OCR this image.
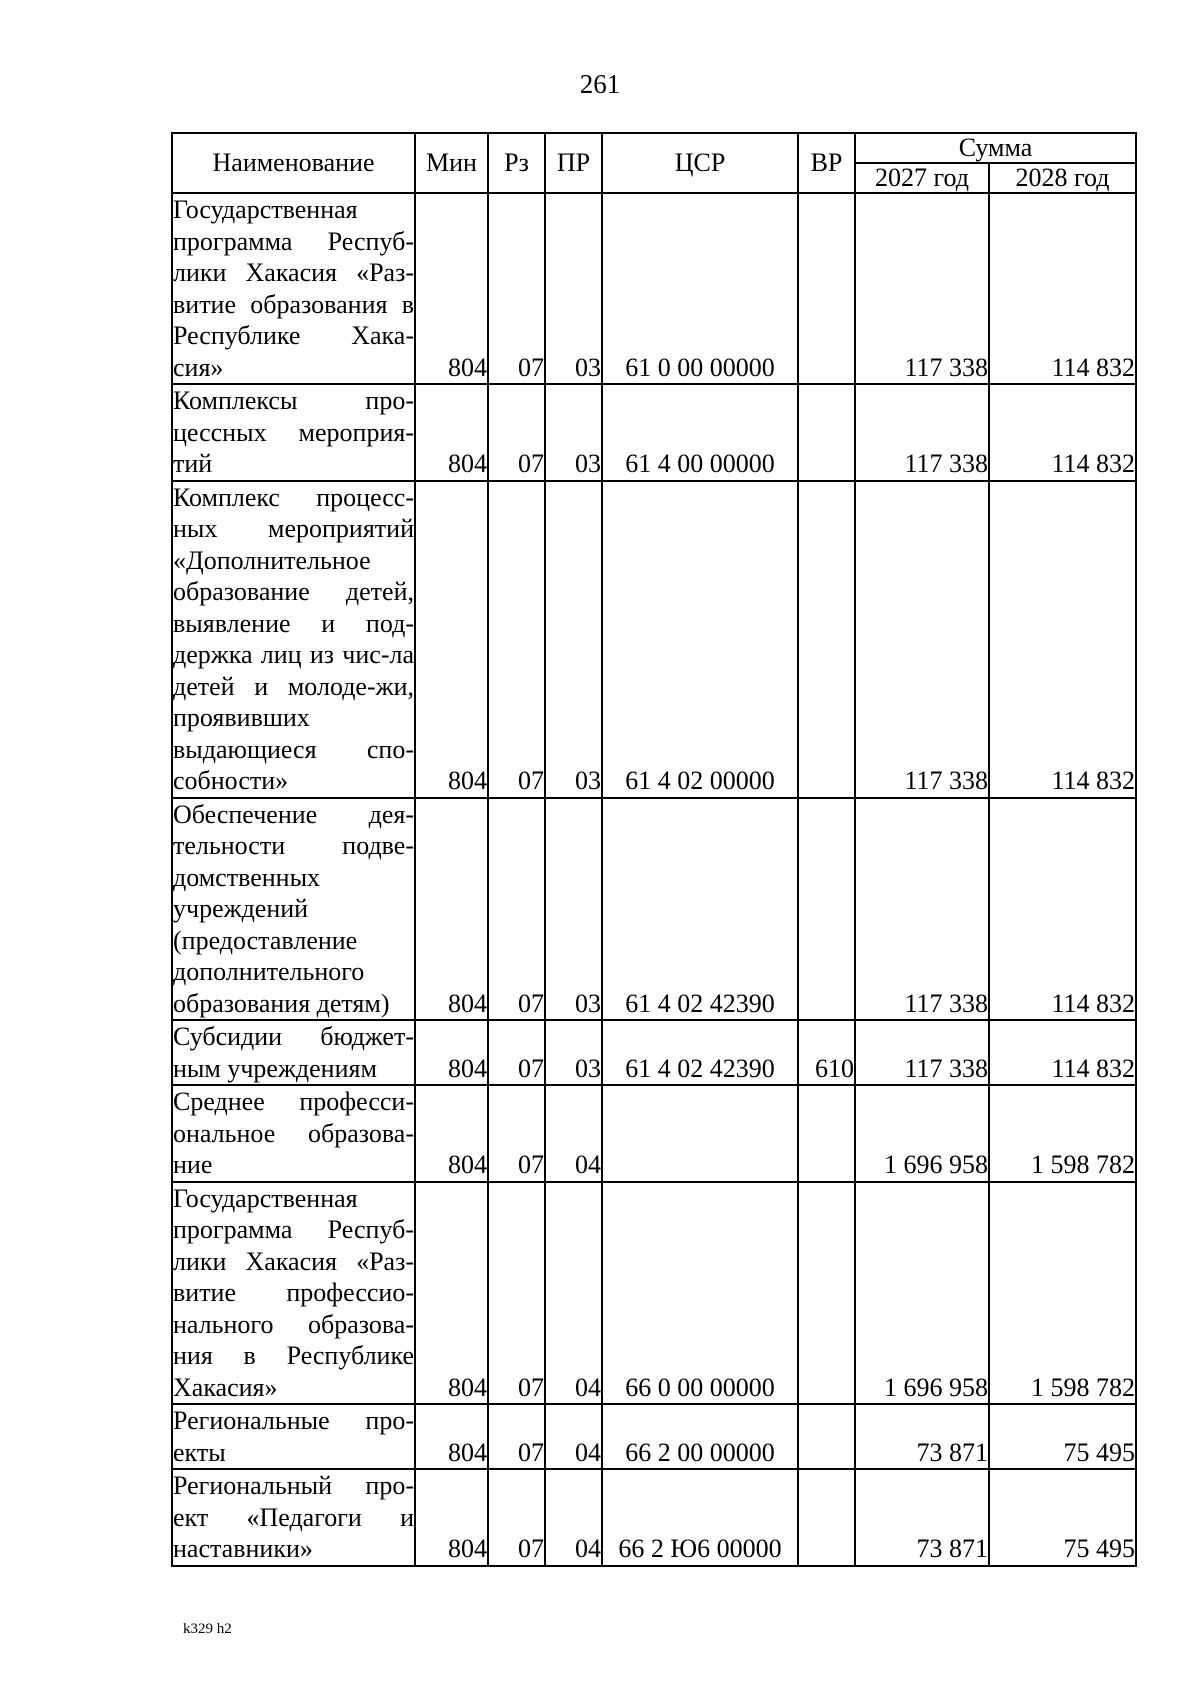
261
Наименование	Мин	Рз	ПР	ЦСР	ВР	Сумма	
						2027 год	2028 год
Государственная программа Респуб-лики Хакасия «Раз-витие образования в Республике Хака-сия»	804	07	03	61 0 00 00000		117 338	114 832
Комплексы про-цессных мероприя-тий	804	07	03	61 4 00 00000		117 338	114 832
Комплекс процесс-ных мероприятий «Дополнительное образование детей, выявление и под-держка лиц из чис-ла детей и молоде-жи, проявивших выдающиеся спо-собности»	804	07	03	61 4 02 00000		117 338	114 832
Обеспечение дея-тельности подве-домственных учреждений (предоставление дополнительного образования детям)	804	07	03	61 4 02 42390		117 338	114 832
Субсидии бюджет-ным учреждениям	804	07	03	61 4 02 42390	610	117 338	114 832
Среднее професси-ональное образова-ние	804	07	04			1 696 958	1 598 782
Государственная программа Респуб-лики Хакасия «Раз-витие профессио-нального образова-ния в Республике Хакасия»	804	07	04	66 0 00 00000		1 696 958	1 598 782
Региональные про-екты	804	07	04	66 2 00 00000		73 871	75 495
Региональный про-ект «Педагоги и наставники»	804	07	04	66 2 Ю6 00000		73 871	75 495
k329 h2
